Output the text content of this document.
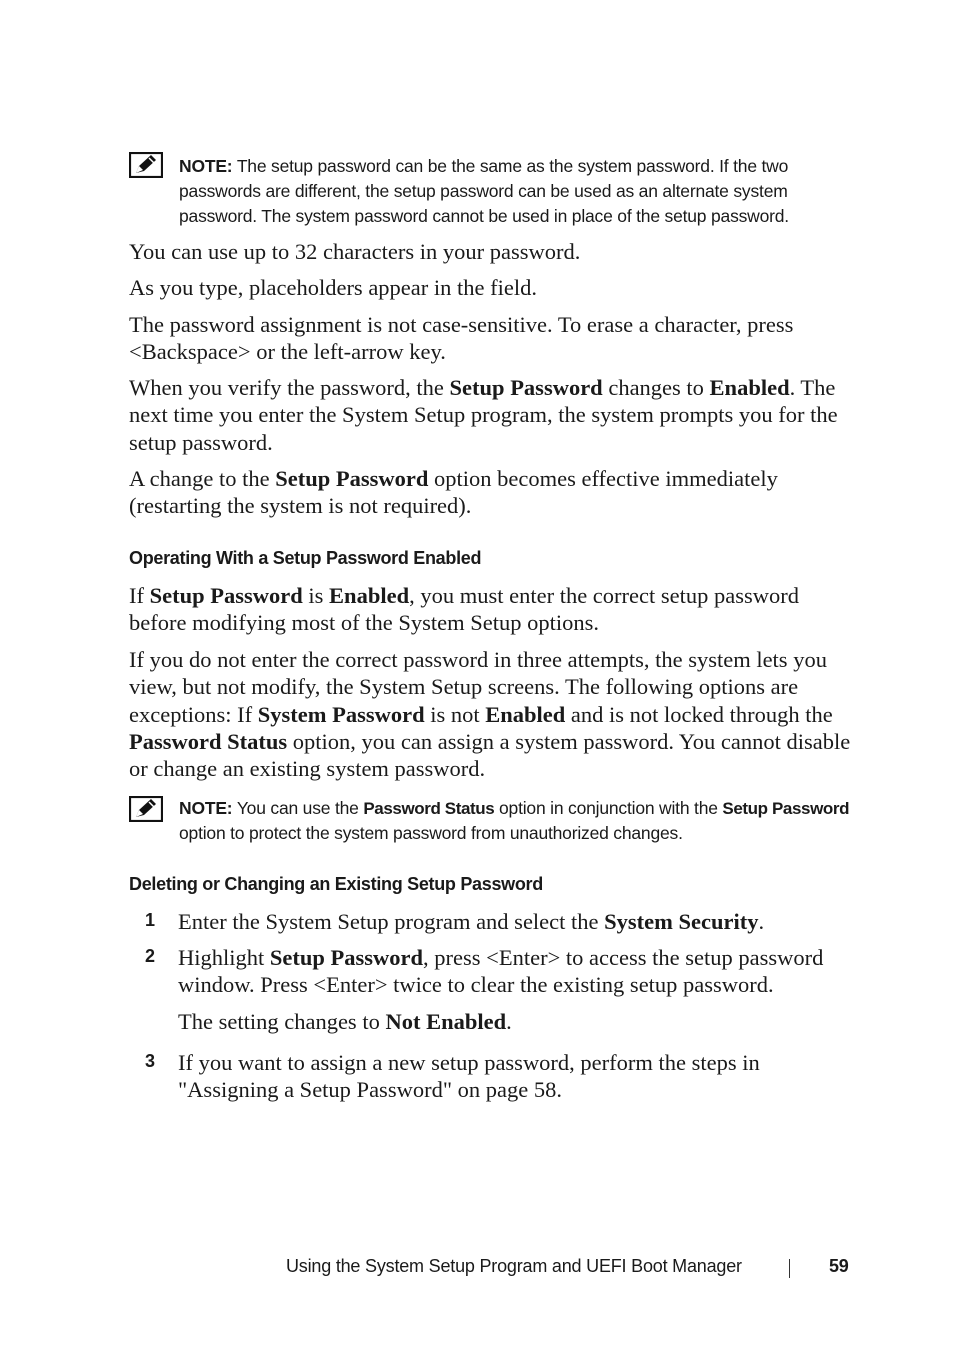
NOTE: The setup password can be the same as the system password. If the two passwords are different, the setup password can be used as an alternate system password. The system password cannot be used in place of the setup password.

You can use up to 32 characters in your password.

As you type, placeholders appear in the field.

The password assignment is not case-sensitive. To erase a character, press <Backspace> or the left-arrow key.

When you verify the password, the Setup Password changes to Enabled. The next time you enter the System Setup program, the system prompts you for the setup password.

A change to the Setup Password option becomes effective immediately (restarting the system is not required).

Operating With a Setup Password Enabled

If Setup Password is Enabled, you must enter the correct setup password before modifying most of the System Setup options.

If you do not enter the correct password in three attempts, the system lets you view, but not modify, the System Setup screens. The following options are exceptions: If System Password is not Enabled and is not locked through the Password Status option, you can assign a system password. You cannot disable or change an existing system password.

NOTE: You can use the Password Status option in conjunction with the Setup Password option to protect the system password from unauthorized changes.
Deleting or Changing an Existing Setup Password
1 Enter the System Setup program and select the System Security.

2 Highlight Setup Password, press <Enter> to access the setup password window. Press <Enter> twice to clear the existing setup password.

The setting changes to Not Enabled.

3 If you want to assign a new setup password, perform the steps in "Assigning a Setup Password" on page 58.

Using the System Setup Program and UEFI Boot Manager	59
